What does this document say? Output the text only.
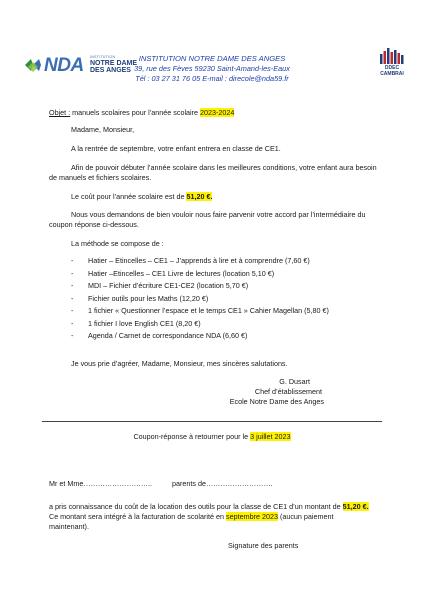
NDA INSTITUTION
NOTRE DAME
DES ANGES
INSTITUTION NOTRE DAME DES ANGES
39, rue des Fèves 59230 Saint-Amand-les-Eaux
Tél : 03 27 31 76 05 E-mail : direcole@nda59.fr
DDEC
CAMBRAI
Objet : manuels scolaires pour l’année scolaire 2023-2024
Madame, Monsieur,
A la rentrée de septembre, votre enfant entrera en classe de CE1.
Afin de pouvoir débuter l’année scolaire dans les meilleures conditions, votre enfant aura besoin
de manuels et fichiers scolaires.
Le coût pour l’année scolaire est de 51,20 €.
Nous vous demandons de bien vouloir nous faire parvenir votre accord par l’intermédiaire du
coupon réponse ci-dessous.
La méthode se compose de :
- Hatier – Etincelles – CE1 – J’apprends à lire et à comprendre (7,60 €)
- Hatier –Etincelles – CE1 Livre de lectures (location 5,10 €)
- MDI – Fichier d’écriture CE1-CE2 (location 5,70 €)
- Fichier outils pour les Maths (12,20 €)
- 1 fichier « Questionner l’espace et le temps CE1 » Cahier Magellan (5,80 €)
- 1 fichier I love English CE1 (8,20 €)
- Agenda / Carnet de correspondance NDA (6,60 €)
Je vous prie d’agréer, Madame, Monsieur, mes sincères salutations.
G. Dusart
Chef d’établissement
Ecole Notre Dame des Anges
Coupon-réponse à retourner pour le 3 juillet 2023
Mr et Mme………………………..	parents de……………………….
a pris connaissance du coût de la location des outils pour la classe de CE1 d’un montant de 51,20 €.
Ce montant sera intégré à la facturation de scolarité en septembre 2023 (aucun paiement
maintenant).
Signature des parents
